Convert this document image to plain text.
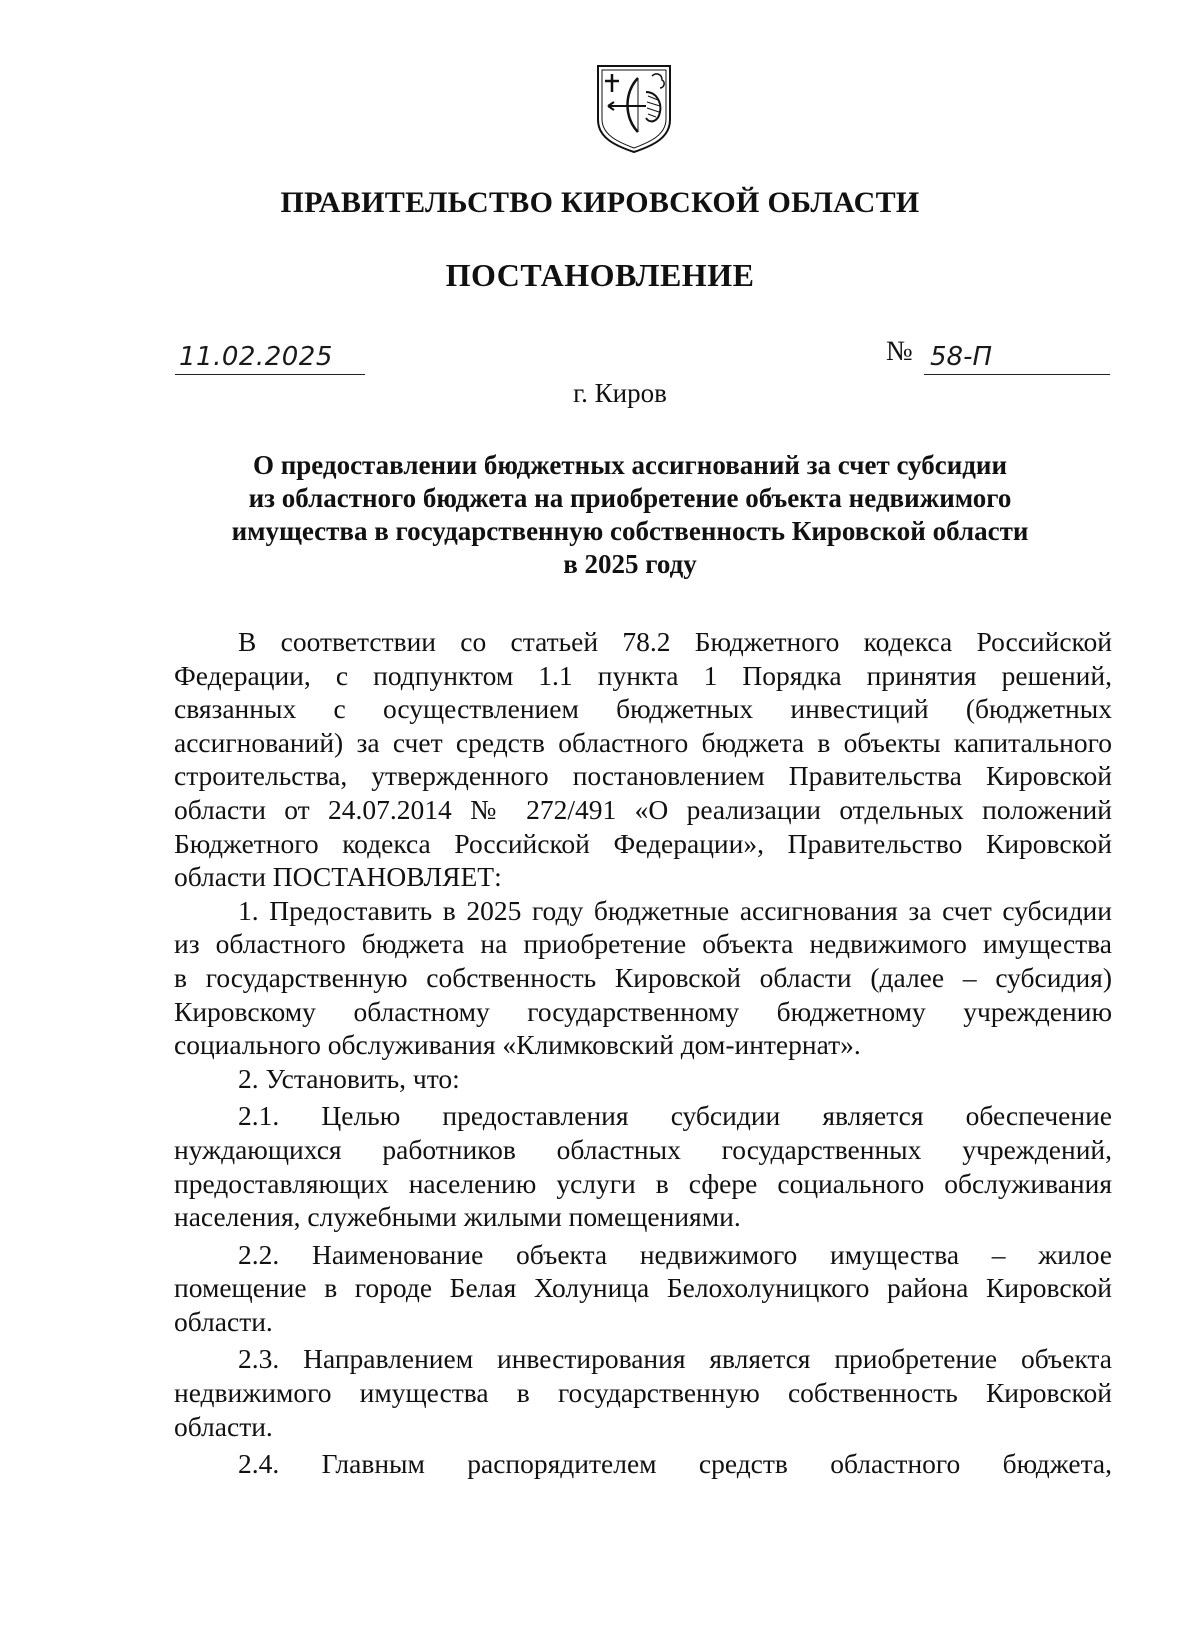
ПРАВИТЕЛЬСТВО КИРОВСКОЙ ОБЛАСТИ
ПОСТАНОВЛЕНИЕ
11.02.2025	№ 58-П
г. Киров
О предоставлении бюджетных ассигнований за счет субсидии
из областного бюджета на приобретение объекта недвижимого
имущества в государственную собственность Кировской области
в 2025 году
В соответствии со статьей 78.2 Бюджетного кодекса Российской
Федерации, с подпунктом 1.1 пункта 1 Порядка принятия решений,
связанных с осуществлением бюджетных инвестиций (бюджетных
ассигнований) за счет средств областного бюджета в объекты капитального
строительства, утвержденного постановлением Правительства Кировской
области от 24.07.2014 № 272/491 «О реализации отдельных положений
Бюджетного кодекса Российской Федерации», Правительство Кировской
области ПОСТАНОВЛЯЕТ:
1. Предоставить в 2025 году бюджетные ассигнования за счет субсидии
из областного бюджета на приобретение объекта недвижимого имущества
в государственную собственность Кировской области (далее – субсидия)
Кировскому областному государственному бюджетному учреждению
социального обслуживания «Климковский дом-интернат».
2. Установить, что:
2.1. Целью предоставления субсидии является обеспечение
нуждающихся работников областных государственных учреждений,
предоставляющих населению услуги в сфере социального обслуживания
населения, служебными жилыми помещениями.
2.2. Наименование объекта недвижимого имущества – жилое
помещение в городе Белая Холуница Белохолуницкого района Кировской
области.
2.3. Направлением инвестирования является приобретение объекта
недвижимого имущества в государственную собственность Кировской
области.
2.4. Главным распорядителем средств областного бюджета,
